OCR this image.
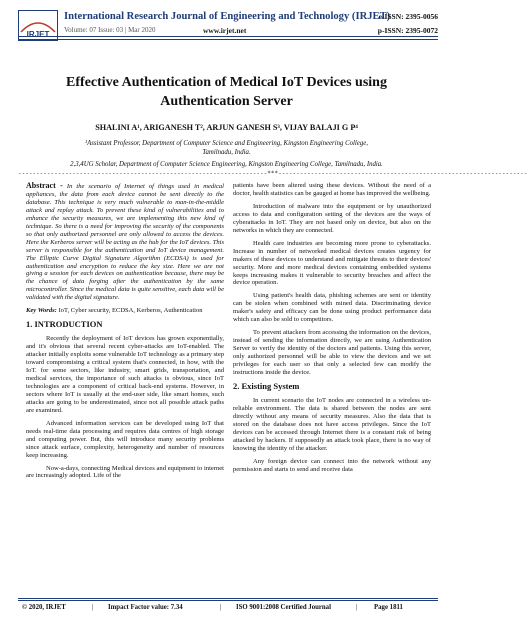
IRJET
International Research Journal of Engineering and Technology (IRJET)
Volume: 07 Issue: 03 | Mar 2020	www.irjet.net
e-ISSN: 2395-0056
p-ISSN: 2395-0072
Effective Authentication of Medical IoT Devices using
Authentication Server
SHALINI A¹, ARIGANESH T², ARJUN GANESH S³, VIJAY BALAJI G P⁴
¹Assistant Professor, Department of Computer Science and Engineering, Kingston Engineering College,
Tamilnadu, India.
2,3,4UG Scholar, Department of Computer Science Engineering, Kingston Engineering College, Tamilnadu, India.
---------------------------------------------------------------------***---------------------------------------------------------------------

Abstract - In the scenario of Internet of things used in medical appliances, the data from each device cannot be sent directly to the database. This technique is very much vulnerable to man-in-the-middle attack and replay attack. To prevent these kind of vulnerabilities and to enhance the security measures, we are implementing this new kind of technique. So there is a need for improving the security of the components so that only authorized personnel are only allowed to access the devices. Here the Kerberos server will be acting as the hub for the IoT devices. This server is responsible for the authentication and IoT device management. The Elliptic Curve Digital Signature Algorithm (ECDSA) is used for authentication and encryption to reduce the key size. Here we are not giving a session for each devices on authentication because, there may be the chance of data forging after the authentication by the same microcontroller. Since the medical data is quite sensitive, each data will be validated with the digital signature.

Key Words: IoT, Cyber security, ECDSA, Kerberos, Authentication

1. INTRODUCTION

Recently the deployment of IoT devices has grown exponentially, and it's obvious that several recent cyber-attacks are IoT-enabled. The attacker initially exploits some vulnerable IoT technology as a primary step toward compromising a critical system that's connected, in how, with the IoT. for some sectors, like industry, smart grids, transportation, and medical services, the importance of such attacks is obvious, since IoT technologies are a component of critical back-end systems. However, in sectors where IoT is usually at the end-user side, like smart homes, such attacks are going to be underestimated, since not all possible attack paths are examined.

Advanced information services can be developed using IoT that needs real-time data processing and requires data centres of high storage and computing power. But, this will introduce many security problems since attack surface, complexity, heterogeneity and number of resources keep increasing.

Now-a-days, connecting Medical devices and equipment to internet are increasingly adopted. Life of the

patients have been altered using these devices. Without the need of a doctor, health statistics can be gauged at home has improved the wellbeing.

Introduction of malware into the equipment or by unauthorized access to data and configuration setting of the devices are the ways of cyberattacks in IoT. They are not based only on device, but also on the networks in which they are connected.

Health care industries are becoming more prone to cyberattacks. Increase in number of networked medical devices creates urgency for makers of these devices to understand and mitigate threats to their devices' security. More and more medical devices containing embedded systems keeps increasing makes it vulnerable to security breaches and affect the device operation.

Using patient's health data, phishing schemes are sent or identity can be stolen when combined with mined data. Discriminating device maker's safety and efficacy can be done using product performance data which can also be sold to competitors.

To prevent attackers from accessing the information on the devices, instead of sending the information directly, we are using Authentication Server to verify the identity of the doctors and patients. Using this server, only authorized personnel will be able to view the devices and we set privileges for each user so that only a selected few can modify the instructions inside the device.

2. Existing System

In current scenario the IoT nodes are connected in a wireless un-reliable environment. The data is shared between the nodes are sent directly without any means of security measures. Also the data that is stored on the database does not have access privileges. Since the IoT devices can be accessed through Internet there is a constant risk of being attacked by hackers. If supposedly an attack took place, there is no way of knowing the identity of the attacker.

Any foreign device can connect into the network without any permission and starts to send and receive data

© 2020, IRJET	| Impact Factor value: 7.34	| ISO 9001:2008 Certified Journal	| Page 1811
